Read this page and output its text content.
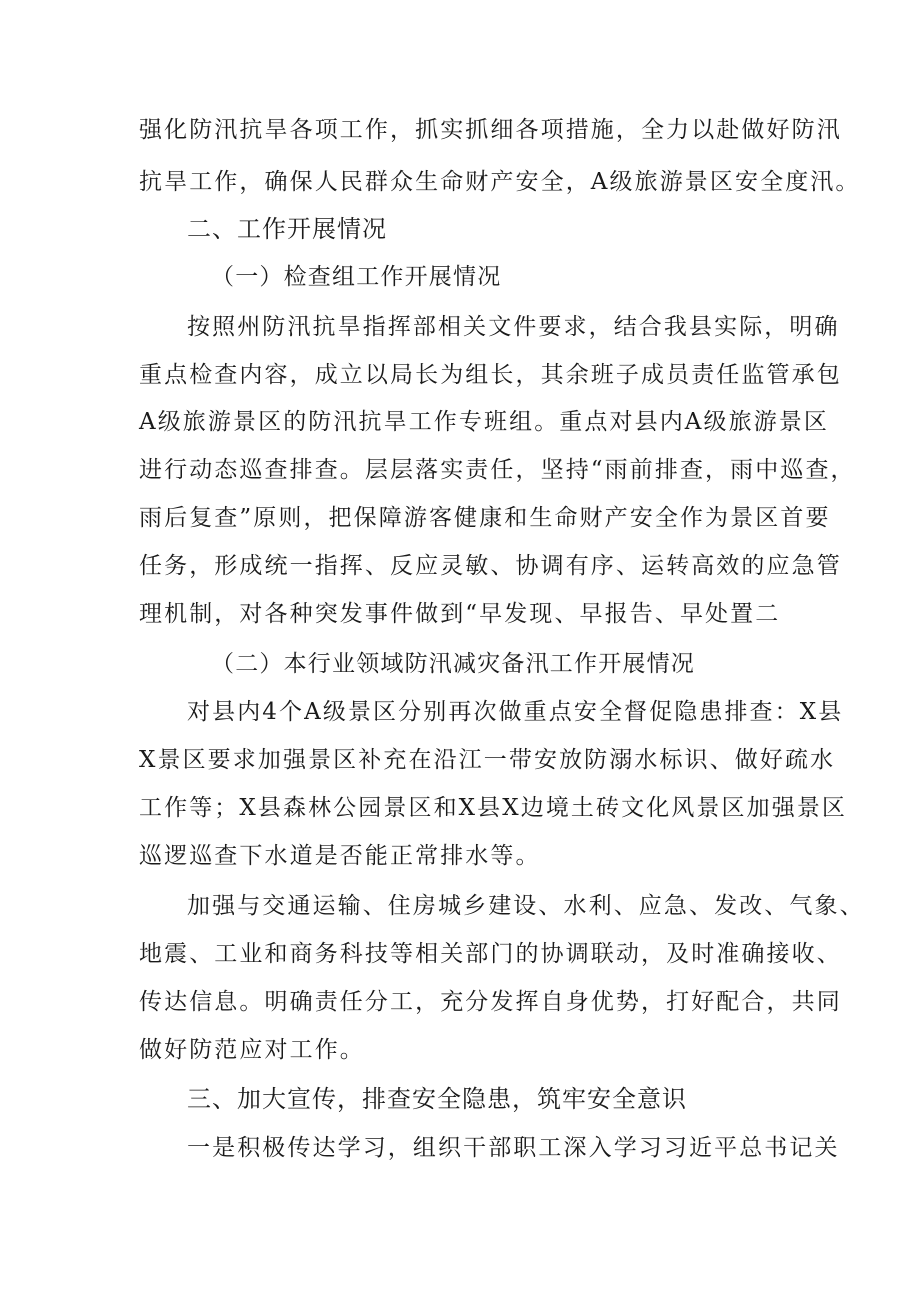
强化防汛抗旱各项工作，抓实抓细各项措施，全力以赴做好防汛
抗旱工作，确保人民群众生命财产安全，A级旅游景区安全度汛。
二、工作开展情况
（一）检查组工作开展情况
按照州防汛抗旱指挥部相关文件要求，结合我县实际，明确
重点检查内容，成立以局长为组长，其余班子成员责任监管承包
A级旅游景区的防汛抗旱工作专班组。重点对县内A级旅游景区
进行动态巡查排查。层层落实责任，坚持“雨前排查，雨中巡查，
雨后复查”原则，把保障游客健康和生命财产安全作为景区首要
任务，形成统一指挥、反应灵敏、协调有序、运转高效的应急管
理机制，对各种突发事件做到“早发现、早报告、早处置二
（二）本行业领域防汛减灾备汛工作开展情况
对县内4个A级景区分别再次做重点安全督促隐患排查：X县
X景区要求加强景区补充在沿江一带安放防溺水标识、做好疏水
工作等；X县森林公园景区和X县X边境土砖文化风景区加强景区
巡逻巡查下水道是否能正常排水等。
加强与交通运输、住房城乡建设、水利、应急、发改、气象、
地震、工业和商务科技等相关部门的协调联动，及时准确接收、
传达信息。明确责任分工，充分发挥自身优势，打好配合，共同
做好防范应对工作。
三、加大宣传，排查安全隐患，筑牢安全意识
一是积极传达学习，组织干部职工深入学习习近平总书记关
